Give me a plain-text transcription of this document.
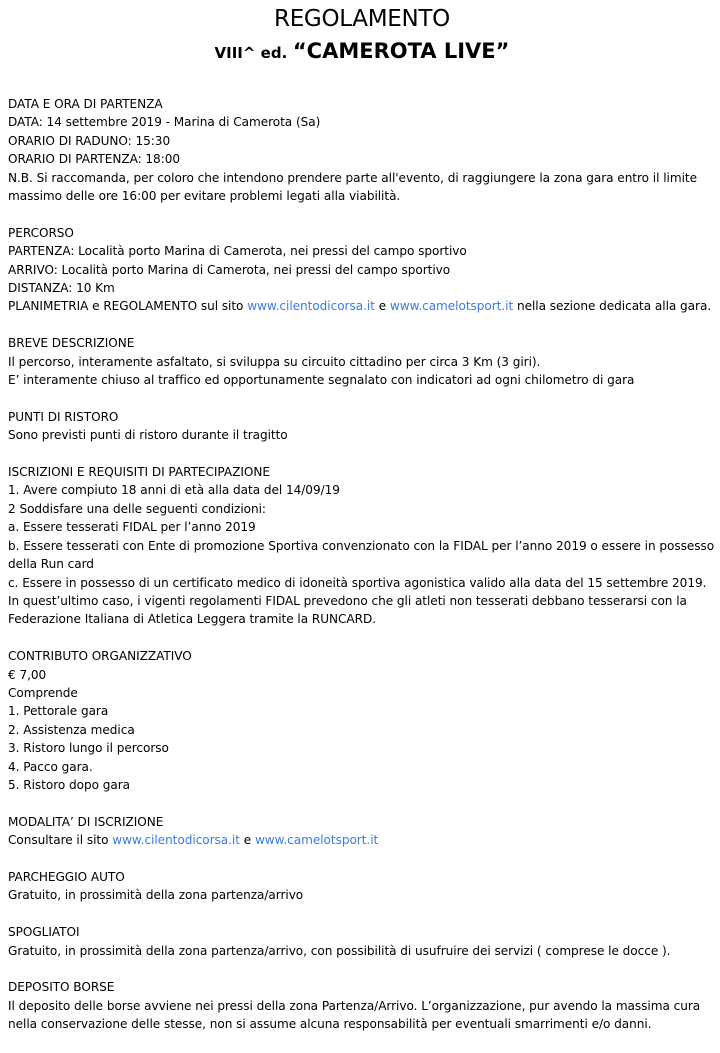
REGOLAMENTO
VIII^ ed. “CAMEROTA LIVE”
DATA E ORA DI PARTENZA
DATA: 14 settembre 2019 - Marina di Camerota (Sa)
ORARIO DI RADUNO: 15:30
ORARIO DI PARTENZA: 18:00
N.B. Si raccomanda, per coloro che intendono prendere parte all'evento, di raggiungere la zona gara entro il limite massimo delle ore 16:00 per evitare problemi legati alla viabilità.
PERCORSO
PARTENZA: Località porto Marina di Camerota, nei pressi del campo sportivo
ARRIVO: Località porto Marina di Camerota, nei pressi del campo sportivo
DISTANZA: 10 Km
PLANIMETRIA e REGOLAMENTO sul sito www.cilentodicorsa.it e www.camelotsport.it nella sezione dedicata alla gara.
BREVE DESCRIZIONE
Il percorso, interamente asfaltato, si sviluppa su circuito cittadino per circa 3 Km (3 giri).
E’ interamente chiuso al traffico ed opportunamente segnalato con indicatori ad ogni chilometro di gara
PUNTI DI RISTORO
Sono previsti punti di ristoro durante il tragitto
ISCRIZIONI E REQUISITI DI PARTECIPAZIONE
1. Avere compiuto 18 anni di età alla data del 14/09/19
2 Soddisfare una delle seguenti condizioni:
a. Essere tesserati FIDAL per l’anno 2019
b. Essere tesserati con Ente di promozione Sportiva convenzionato con la FIDAL per l’anno 2019 o essere in possesso della Run card
c. Essere in possesso di un certificato medico di idoneità sportiva agonistica valido alla data del 15 settembre 2019. In quest’ultimo caso, i vigenti regolamenti FIDAL prevedono che gli atleti non tesserati debbano tesserarsi con la Federazione Italiana di Atletica Leggera tramite la RUNCARD.
CONTRIBUTO ORGANIZZATIVO
€ 7,00
Comprende
1. Pettorale gara
2. Assistenza medica
3. Ristoro lungo il percorso
4. Pacco gara.
5. Ristoro dopo gara
MODALITA’ DI ISCRIZIONE
Consultare il sito www.cilentodicorsa.it e www.camelotsport.it
PARCHEGGIO AUTO
Gratuito, in prossimità della zona partenza/arrivo
SPOGLIATOI
Gratuito, in prossimità della zona partenza/arrivo, con possibilità di usufruire dei servizi ( comprese le docce ).
DEPOSITO BORSE
Il deposito delle borse avviene nei pressi della zona Partenza/Arrivo. L’organizzazione, pur avendo la massima cura nella conservazione delle stesse, non si assume alcuna responsabilità per eventuali smarrimenti e/o danni.
